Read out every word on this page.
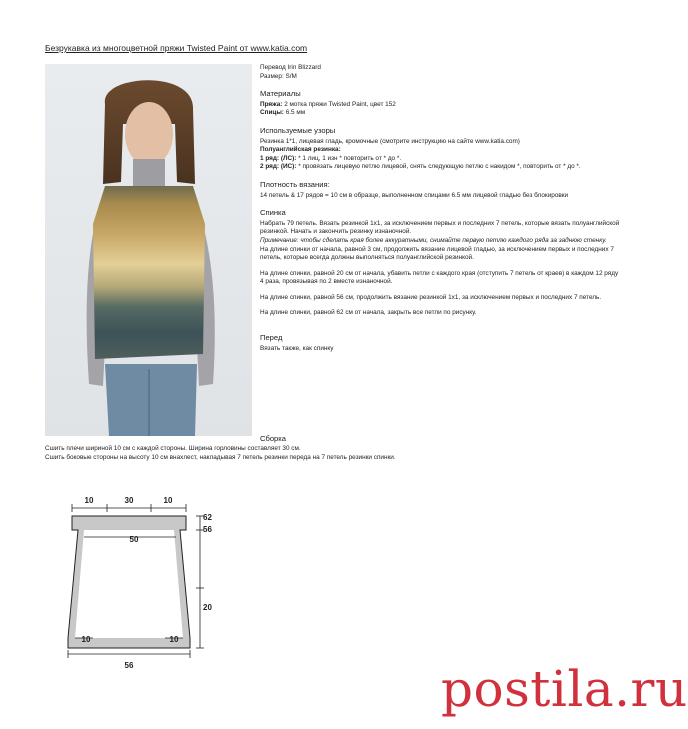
Безрукавка из многоцветной пряжи Twisted Paint от www.katia.com

Перевод Irin Blizzard

Размер: S/M

Материалы

Пряжа: 2 мотка пряжи Twisted Paint, цвет 152

Спицы: 6.5 мм

Используемые узоры

Резинка 1*1, лицевая гладь, кромочные (смотрите инструкцию на сайте www.katia.com)

Полуанглийская резинка:

1 ряд: (ЛС): * 1 лиц, 1 изн * повторить от * до *.

2 ряд: (ИС): * провязать лицевую петлю лицевой, снять следующую петлю с накидом *, повторить от * до *.

Плотность вязания:

14 петель & 17 рядов = 10 см в образце, выполненном спицами 6.5 мм лицевой гладью без блокировки

Спинка

Набрать 79 петель. Вязать резинкой 1х1, за исключением первых и последних 7 петель, которые вязать полуанглийской резинкой. Начать и закончить резинку изнаночной.

Примечание: чтобы сделать края более аккуратными, снимайте первую петлю каждого ряда за заднюю стенку.

На длине спинки от начала, равной 3 см, продолжить вязание лицевой гладью, за исключением первых и последних 7 петель, которые всегда должны выполняться полуанглийской резинкой.

На длине спинки, равной 20 см от начала, убавить петли с каждого края (отступить 7 петель от краев) в каждом 12 ряду 4 раза, провязывая по 2 вместе изнаночной.

На длине спинки, равной 56 см, продолжить вязание резинкой 1х1, за исключением первых и последних 7 петель.

На длине спинки, равной 62 см от начала, закрыть все петли по рисунку.

Перед

Вязать также, как спинку

Сборка

Сшить плечи шириной 10 см с каждой стороны. Ширина горловины составляет 30 см.

Сшить боковые стороны на высоту 10 см внахлест, накладывая 7 петель резинки переда на 7 петель резинки спинки.

10	30	10
50
62
56
20
10	10
56	postila.ru
